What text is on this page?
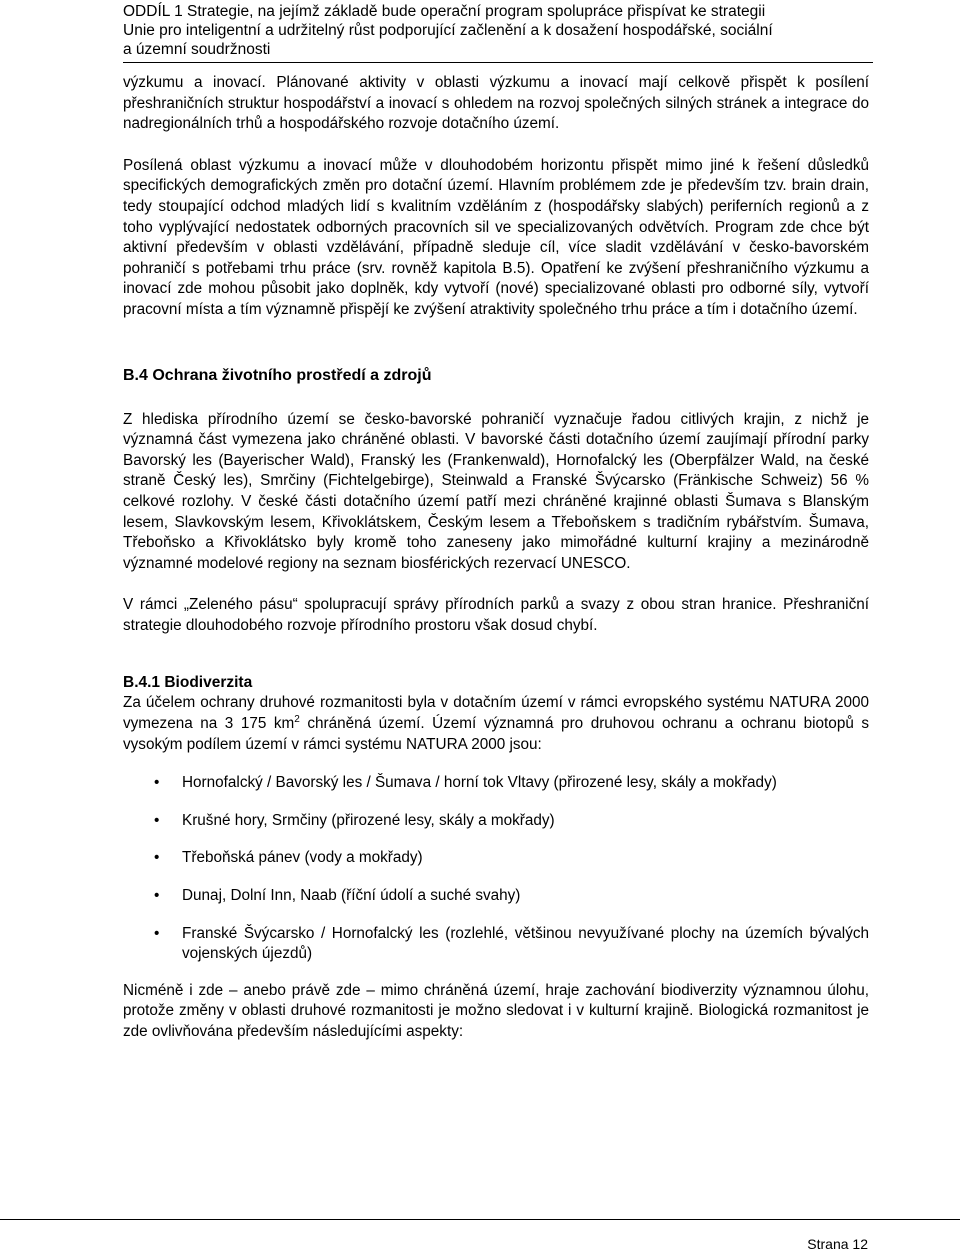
ODDÍL 1 Strategie, na jejímž základě bude operační program spolupráce přispívat ke strategii
Unie pro inteligentní a udržitelný růst podporující začlenění a k dosažení hospodářské, sociální
a územní soudržnosti

výzkumu a inovací. Plánované aktivity v oblasti výzkumu a inovací mají celkově přispět k posílení přeshraničních struktur hospodářství a inovací s ohledem na rozvoj společných silných stránek a integrace do nadregionálních trhů a hospodářského rozvoje dotačního území.

Posílená oblast výzkumu a inovací může v dlouhodobém horizontu přispět mimo jiné k řešení důsledků specifických demografických změn pro dotační území. Hlavním problémem zde je především tzv. brain drain, tedy stoupající odchod mladých lidí s kvalitním vzděláním z (hospodářsky slabých) periferních regionů a z toho vyplývající nedostatek odborných pracovních sil ve specializovaných odvětvích. Program zde chce být aktivní především v oblasti vzdělávání, případně sleduje cíl, více sladit vzdělávání v česko-bavorském pohraničí s potřebami trhu práce (srv. rovněž kapitola B.5). Opatření ke zvýšení přeshraničního výzkumu a inovací zde mohou působit jako doplněk, kdy vytvoří (nové) specializované oblasti pro odborné síly, vytvoří pracovní místa a tím významně přispějí ke zvýšení atraktivity společného trhu práce a tím i dotačního území.

B.4 Ochrana životního prostředí a zdrojů

Z hlediska přírodního území se česko-bavorské pohraničí vyznačuje řadou citlivých krajin, z nichž je významná část vymezena jako chráněné oblasti. V bavorské části dotačního území zaujímají přírodní parky Bavorský les (Bayerischer Wald), Franský les (Frankenwald), Hornofalcký les (Oberpfälzer Wald, na české straně Český les), Smrčiny (Fichtelgebirge), Steinwald a Franské Švýcarsko (Fränkische Schweiz) 56 % celkové rozlohy. V české části dotačního území patří mezi chráněné krajinné oblasti Šumava s Blanským lesem, Slavkovským lesem, Křivoklátskem, Českým lesem a Třeboňskem s tradičním rybářstvím. Šumava, Třeboňsko a Křivoklátsko byly kromě toho zaneseny jako mimořádné kulturní krajiny a mezinárodně významné modelové regiony na seznam biosférických rezervací UNESCO.

V rámci „Zeleného pásu“ spolupracují správy přírodních parků a svazy z obou stran hranice. Přeshraniční strategie dlouhodobého rozvoje přírodního prostoru však dosud chybí.

B.4.1 Biodiverzita

Za účelem ochrany druhové rozmanitosti byla v dotačním území v rámci evropského systému NATURA 2000 vymezena na 3 175 $km^2$ chráněná území. Území významná pro druhovou ochranu a ochranu biotopů s vysokým podílem území v rámci systému NATURA 2000 jsou:

• Hornofalcký / Bavorský les / Šumava / horní tok Vltavy (přirozené lesy, skály a mokřady)
• Krušné hory, Srmčiny (přirozené lesy, skály a mokřady)
• Třeboňská pánev (vody a mokřady)
• Dunaj, Dolní Inn, Naab (říční údolí a suché svahy)
• Franské Švýcarsko / Hornofalcký les (rozlehlé, většinou nevyužívané plochy na územích bývalých vojenských újezdů)

Nicméně i zde – anebo právě zde – mimo chráněná území, hraje zachování biodiverzity významnou úlohu, protože změny v oblasti druhové rozmanitosti je možno sledovat i v kulturní krajině. Biologická rozmanitost je zde ovlivňována především následujícími aspekty:

Strana 12
